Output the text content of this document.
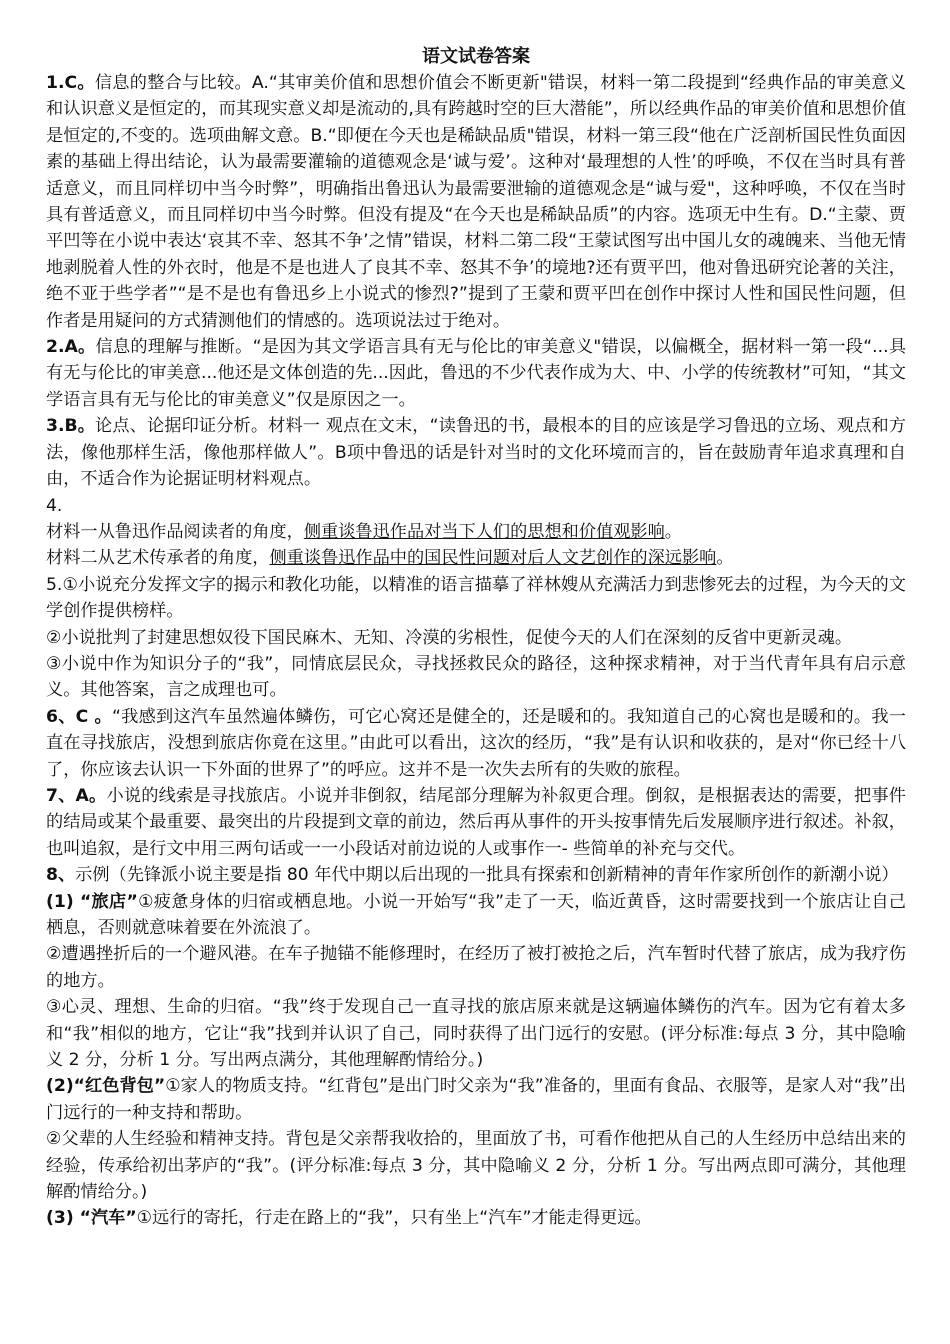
语文试卷答案

1.C。信息的整合与比较。A.“其审美价值和思想价值会不断更新"错误，材料一第二段提到“经典作品的审美意义和认识意义是恒定的，而其现实意义却是流动的,具有跨越时空的巨大潜能”，所以经典作品的审美价值和思想价值是恒定的,不变的。选项曲解文意。B.“即便在今天也是稀缺品质"错误，材料一第三段“他在广泛剖析国民性负面因素的基础上得出结论，认为最需要灌输的道德观念是‘诚与爱’。这种对‘最理想的人性’的呼唤，不仅在当时具有普适意义，而且同样切中当今时弊”，明确指出鲁迅认为最需要泄输的道德观念是“诚与爱"，这种呼唤，不仅在当时具有普适意义，而且同样切中当今时弊。但没有提及“在今天也是稀缺品质”的内容。选项无中生有。D.“主蒙、贾平凹等在小说中表达‘哀其不幸、怒其不争’之情”错误，材料二第二段“王蒙试图写出中国儿女的魂魄来、当他无情地剥脱着人性的外衣时，他是不是也进人了良其不幸、怒其不争’的境地?还有贾平凹，他对鲁迅研究论著的关注，绝不亚于些学者”“是不是也有鲁迅乡上小说式的惨烈?”提到了王蒙和贾平凹在创作中探讨人性和国民性问题，但作者是用疑问的方式猜测他们的情感的。选项说法过于绝对。

2.A。信息的理解与推断。“是因为其文学语言具有无与伦比的审美意义"错误，以偏概全，据材料一第一段“...具有无与伦比的审美意...他还是文体创造的先...因此，鲁迅的不少代表作成为大、中、小学的传统教材”可知，“其文学语言具有无与伦比的审美意义”仅是原因之一。

3.B。论点、论据印证分析。材料一 观点在文末，“读鲁迅的书，最根本的目的应该是学习鲁迅的立场、观点和方法，像他那样生活，像他那样做人”。B项中鲁迅的话是针对当时的文化环境而言的，旨在鼓励青年追求真理和自由，不适合作为论据证明材料观点。

4.

材料一从鲁迅作品阅读者的角度，侧重谈鲁迅作品对当下人们的思想和价值观影响。

材料二从艺术传承者的角度，侧重谈鲁迅作品中的国民性问题对后人文艺创作的深远影响。

5.①小说充分发挥文字的揭示和教化功能，以精准的语言描摹了祥林嫂从充满活力到悲惨死去的过程，为今天的文学创作提供榜样。

②小说批判了封建思想奴役下国民麻木、无知、冷漠的劣根性，促使今天的人们在深刻的反省中更新灵魂。

③小说中作为知识分子的“我”，同情底层民众，寻找拯救民众的路径，这种探求精神，对于当代青年具有启示意义。其他答案，言之成理也可。

6、C 。“我感到这汽车虽然遍体鳞伤，可它心窝还是健全的，还是暖和的。我知道自己的心窝也是暖和的。我一直在寻找旅店，没想到旅店你竟在这里。”由此可以看出，这次的经历，“我”是有认识和收获的，是对“你已经十八了，你应该去认识一下外面的世界了”的呼应。这并不是一次失去所有的失败的旅程。

7、A。小说的线索是寻找旅店。小说并非倒叙，结尾部分理解为补叙更合理。倒叙，是根据表达的需要，把事件的结局或某个最重要、最突出的片段提到文章的前边，然后再从事件的开头按事情先后发展顺序进行叙述。补叙，也叫追叙，是行文中用三两句话或一一小段话对前边说的人或事作一- 些简单的补充与交代。

8、示例（先锋派小说主要是指 80 年代中期以后出现的一批具有探索和创新精神的青年作家所创作的新潮小说）

(1) “旅店”①疲惫身体的归宿或栖息地。小说一开始写“我”走了一天，临近黄昏，这时需要找到一个旅店让自己栖息，否则就意味着要在外流浪了。

②遭遇挫折后的一个避风港。在车子抛锚不能修理时，在经历了被打被抢之后，汽车暂时代替了旅店，成为我疗伤的地方。

③心灵、理想、生命的归宿。“我”终于发现自己一直寻找的旅店原来就是这辆遍体鳞伤的汽车。因为它有着太多和“我”相似的地方，它让“我”找到并认识了自己，同时获得了出门远行的安慰。(评分标准:每点 3 分，其中隐喻义 2 分，分析 1 分。写出两点满分，其他理解酌情给分。)

(2)“红色背包”①家人的物质支持。“红背包”是出门时父亲为“我”准备的，里面有食品、衣服等，是家人对“我”出门远行的一种支持和帮助。

②父辈的人生经验和精神支持。背包是父亲帮我收拾的，里面放了书，可看作他把从自己的人生经历中总结出来的经验，传承给初出茅庐的“我”。(评分标准:每点 3 分，其中隐喻义 2 分，分析 1 分。写出两点即可满分，其他理解酌情给分。)

(3) “汽车”①远行的寄托，行走在路上的“我”，只有坐上“汽车”才能走得更远。
